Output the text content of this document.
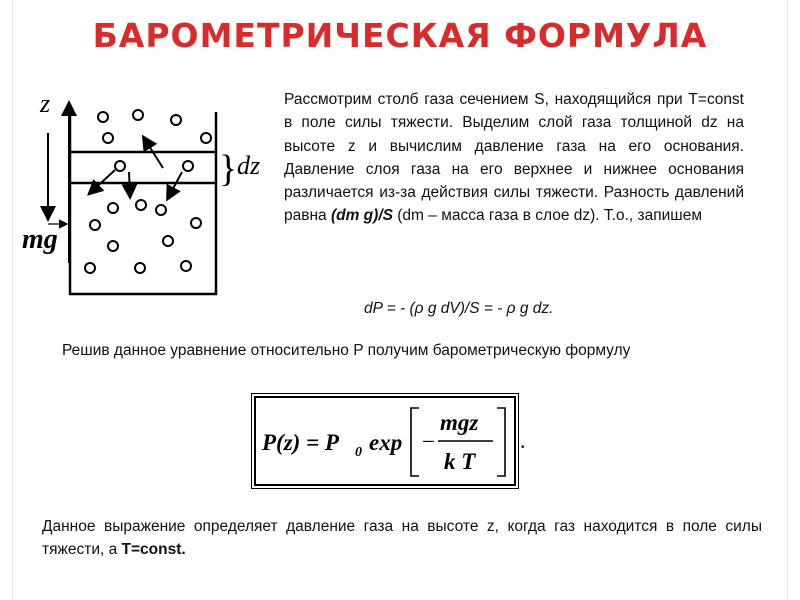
БАРОМЕТРИЧЕСКАЯ ФОРМУЛА
z
mg
} dz
Рассмотрим столб газа сечением S, находящийся при T=const в поле силы тяжести. Выделим слой газа толщиной dz на высоте z и вычислим давление газа на его основания. Давление слоя газа на его верхнее и нижнее основания различается из-за действия силы тяжести. Разность давлений равна (dm g)/S (dm – масса газа в слое dz). Т.о., запишем
dP = - (ρ g dV)/S = - ρ g dz.
Решив данное уравнение относительно P получим барометрическую формулу
P(z) = P 0 exp −
mgz
k T
.
Данное выражение определяет давление газа на высоте z, когда газ находится в поле силы тяжести, а T=const.
